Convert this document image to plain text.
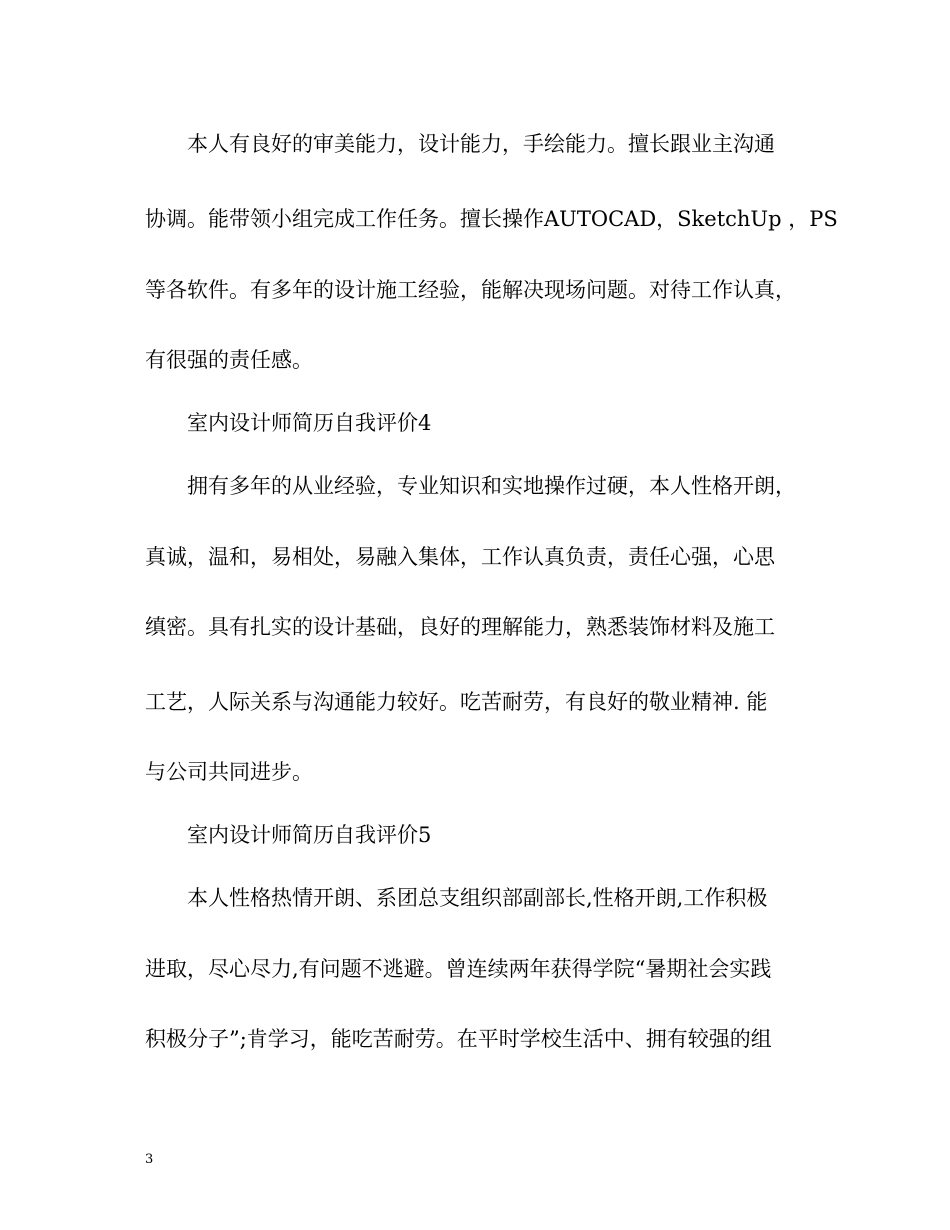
本人有良好的审美能力，设计能力，手绘能力。擅长跟业主沟通
协调。能带领小组完成工作任务。擅长操作AUTOCAD，SketchUp ，PS
等各软件。有多年的设计施工经验，能解决现场问题。对待工作认真，
有很强的责任感。
室内设计师简历自我评价4
拥有多年的从业经验，专业知识和实地操作过硬，本人性格开朗，
真诚，温和，易相处，易融入集体，工作认真负责，责任心强，心思
缜密。具有扎实的设计基础，良好的理解能力，熟悉装饰材料及施工
工艺，人际关系与沟通能力较好。吃苦耐劳，有良好的敬业精神. 能
与公司共同进步。
室内设计师简历自我评价5
本人性格热情开朗、系团总支组织部副部长,性格开朗,工作积极
进取，尽心尽力,有问题不逃避。曾连续两年获得学院“暑期社会实践
积极分子”;肯学习，能吃苦耐劳。在平时学校生活中、拥有较强的组
3
